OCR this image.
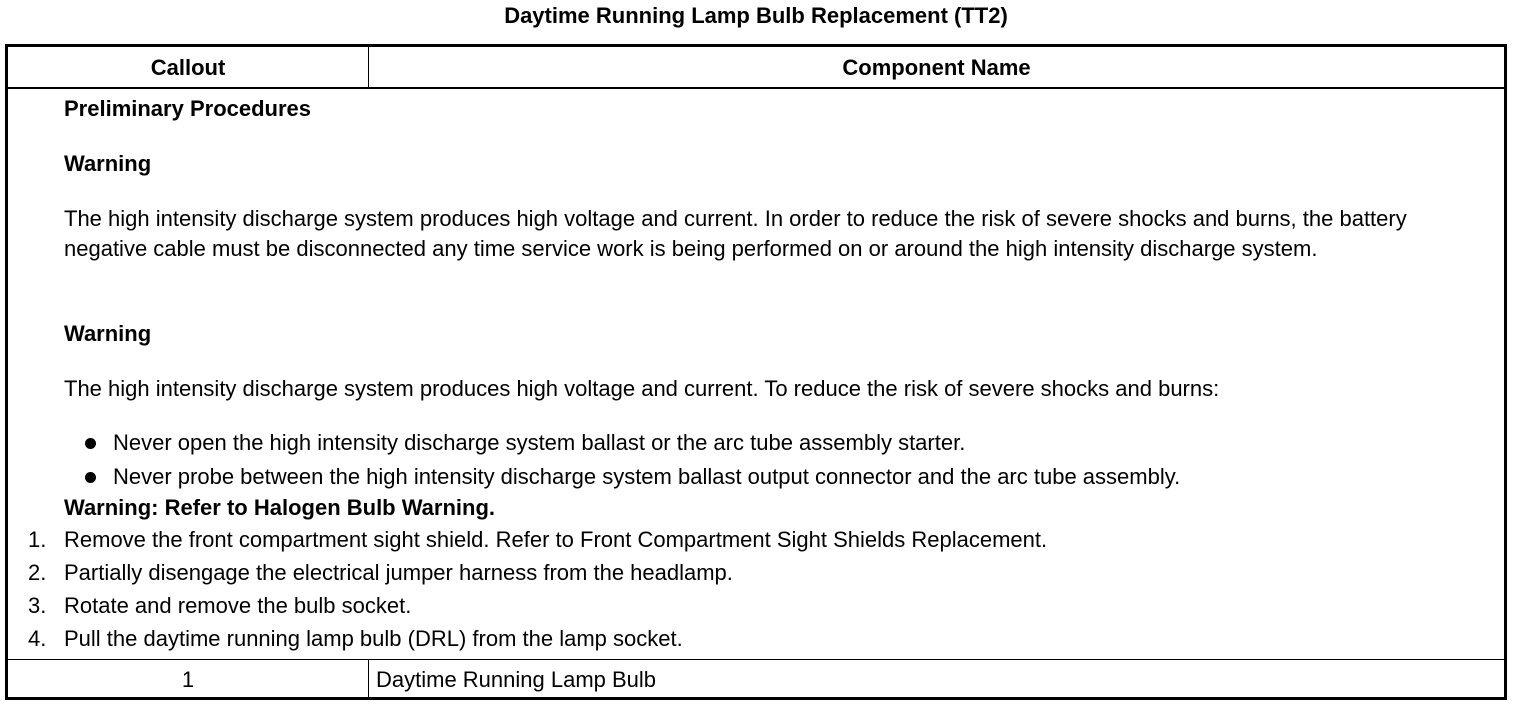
Daytime Running Lamp Bulb Replacement (TT2)
Callout	Component Name
Preliminary Procedures
Warning
The high intensity discharge system produces high voltage and current. In order to reduce the risk of severe shocks and burns, the battery negative cable must be disconnected any time service work is being performed on or around the high intensity discharge system.
Warning
The high intensity discharge system produces high voltage and current. To reduce the risk of severe shocks and burns:
Never open the high intensity discharge system ballast or the arc tube assembly starter.
Never probe between the high intensity discharge system ballast output connector and the arc tube assembly.
Warning: Refer to Halogen Bulb Warning.
1. Remove the front compartment sight shield. Refer to Front Compartment Sight Shields Replacement.
2. Partially disengage the electrical jumper harness from the headlamp.
3. Rotate and remove the bulb socket.
4. Pull the daytime running lamp bulb (DRL) from the lamp socket.
1	Daytime Running Lamp Bulb
